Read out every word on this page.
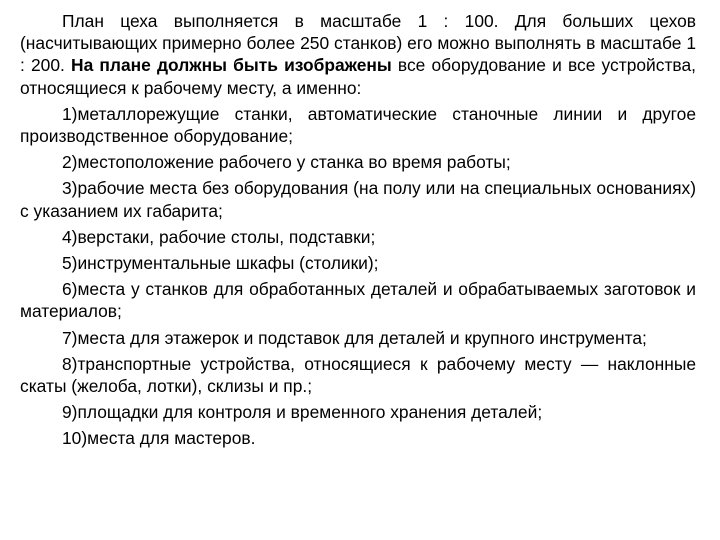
План цеха выполняется в масштабе 1 : 100. Для больших цехов (насчитывающих примерно более 250 станков) его можно выполнять в масштабе 1 : 200. На плане должны быть изображены все оборудование и все устройства, относящиеся к рабочему месту, а именно:

1)металлорежущие станки, автоматические станочные линии и другое производственное оборудование;

2)местоположение рабочего у станка во время работы;

3)рабочие места без оборудования (на полу или на специальных основаниях) с указанием их габарита;

4)верстаки, рабочие столы, подставки;

5)инструментальные шкафы (столики);

6)места у станков для обработанных деталей и обрабатываемых заготовок и материалов;

7)места для этажерок и подставок для деталей и крупного инструмента;

8)транспортные устройства, относящиеся к рабочему месту — наклонные скаты (желоба, лотки), склизы и пр.;

9)площадки для контроля и временного хранения деталей;

10)места для мастеров.
